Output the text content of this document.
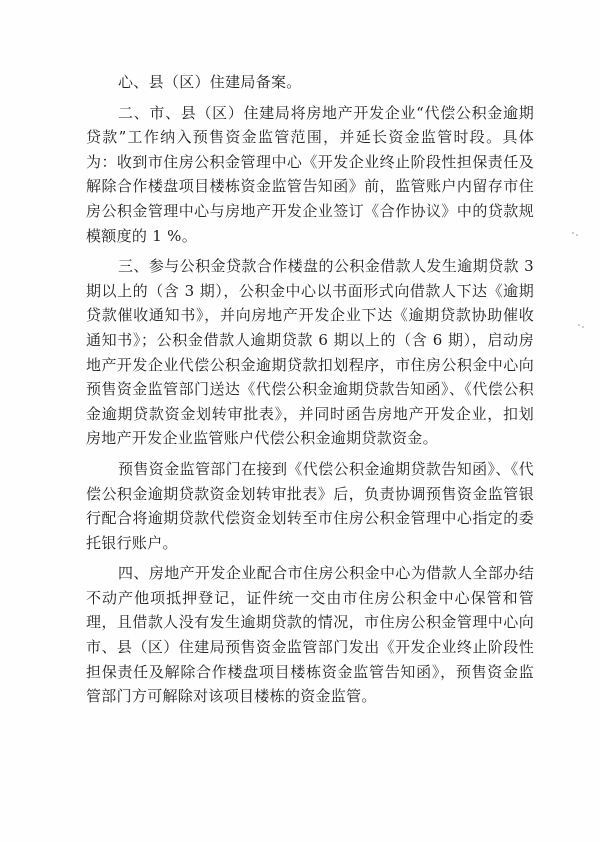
心、县（区）住建局备案。

二、市、县（区）住建局将房地产开发企业“代偿公积金逾期贷款”工作纳入预售资金监管范围，并延长资金监管时段。具体为：收到市住房公积金管理中心《开发企业终止阶段性担保责任及解除合作楼盘项目楼栋资金监管告知函》前，监管账户内留存市住房公积金管理中心与房地产开发企业签订《合作协议》中的贷款规模额度的 1 %。

三、参与公积金贷款合作楼盘的公积金借款人发生逾期贷款 3 期以上的（含 3 期），公积金中心以书面形式向借款人下达《逾期贷款催收通知书》，并向房地产开发企业下达《逾期贷款协助催收通知书》；公积金借款人逾期贷款 6 期以上的（含 6 期），启动房地产开发企业代偿公积金逾期贷款扣划程序，市住房公积金中心向预售资金监管部门送达《代偿公积金逾期贷款告知函》、《代偿公积金逾期贷款资金划转审批表》，并同时函告房地产开发企业，扣划房地产开发企业监管账户代偿公积金逾期贷款资金。

预售资金监管部门在接到《代偿公积金逾期贷款告知函》、《代偿公积金逾期贷款资金划转审批表》后，负责协调预售资金监管银行配合将逾期贷款代偿资金划转至市住房公积金管理中心指定的委托银行账户。

四、房地产开发企业配合市住房公积金中心为借款人全部办结不动产他项抵押登记，证件统一交由市住房公积金中心保管和管理，且借款人没有发生逾期贷款的情况，市住房公积金管理中心向市、县（区）住建局预售资金监管部门发出《开发企业终止阶段性担保责任及解除合作楼盘项目楼栋资金监管告知函》，预售资金监管部门方可解除对该项目楼栋的资金监管。
